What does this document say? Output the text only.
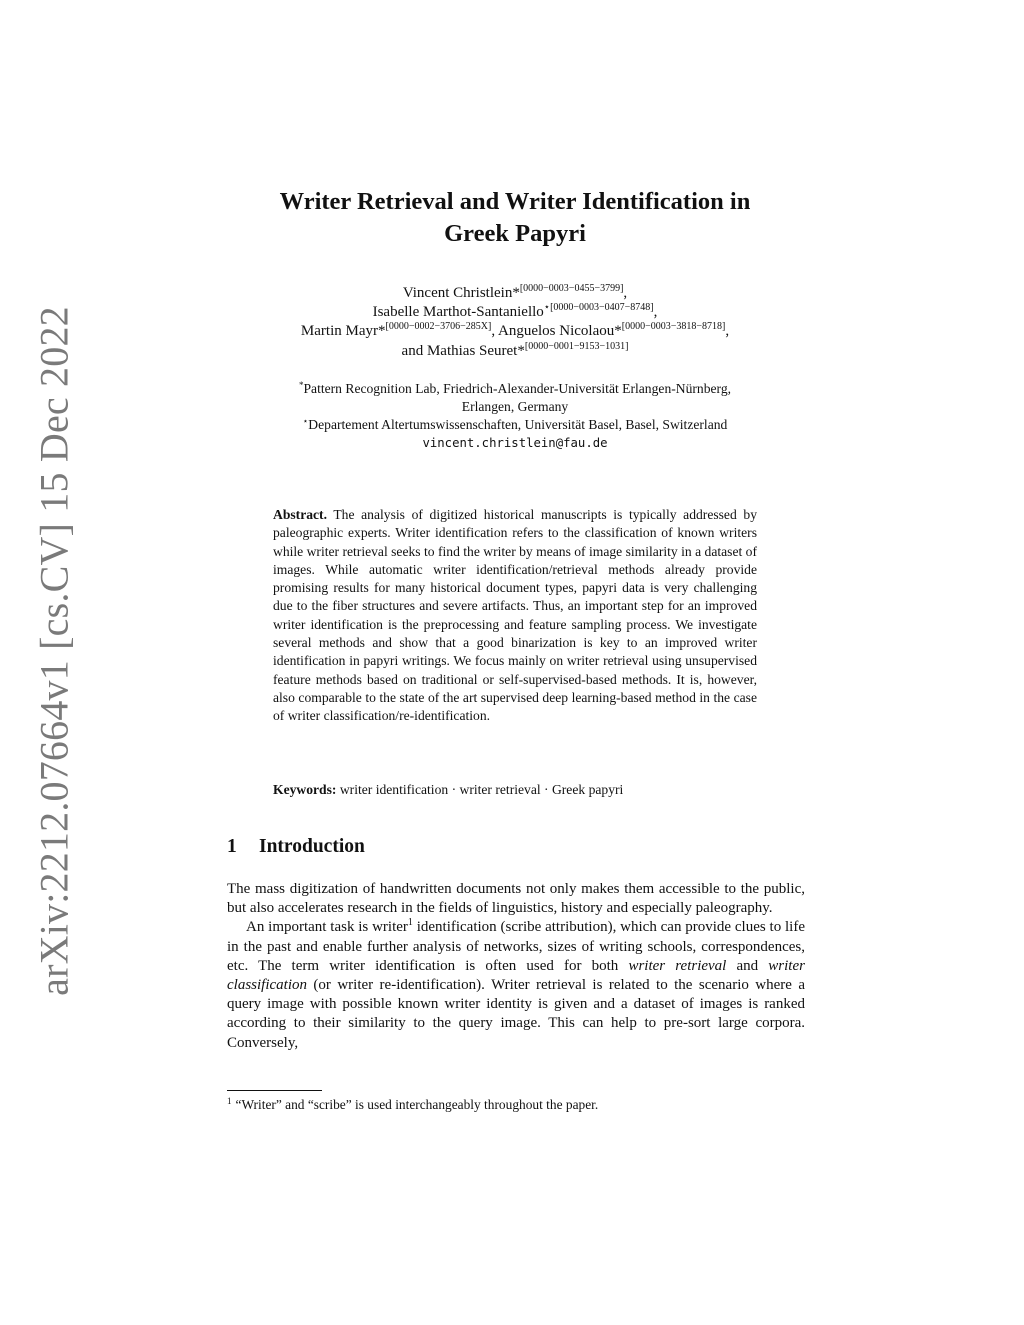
arXiv:2212.07664v1 [cs.CV] 15 Dec 2022
Writer Retrieval and Writer Identification in
Greek Papyri
Vincent Christlein*[0000−0003−0455−3799],
Isabelle Marthot-Santaniello$^{⋆[0000-0003-0407-8748]}$,
Martin Mayr*[0000−0002−3706−285X], Anguelos Nicolaou*[0000−0003−3818−8718],
and Mathias Seuret*[0000−0001−9153−1031]
*Pattern Recognition Lab, Friedrich-Alexander-Universität Erlangen-Nürnberg,
Erlangen, Germany
⋆Departement Altertumswissenschaften, Universität Basel, Basel, Switzerland
vincent.christlein@fau.de
Abstract. The analysis of digitized historical manuscripts is typically addressed by paleographic experts. Writer identification refers to the classification of known writers while writer retrieval seeks to find the writer by means of image similarity in a dataset of images. While automatic writer identification/retrieval methods already provide promising results for many historical document types, papyri data is very challenging due to the fiber structures and severe artifacts. Thus, an important step for an improved writer identification is the preprocessing and feature sampling process. We investigate several methods and show that a good binarization is key to an improved writer identification in papyri writings. We focus mainly on writer retrieval using unsupervised feature methods based on traditional or self-supervised-based methods. It is, however, also comparable to the state of the art supervised deep learning-based method in the case of writer classification/re-identification.
Keywords: writer identification · writer retrieval · Greek papyri
1 Introduction

The mass digitization of handwritten documents not only makes them accessible to the public, but also accelerates research in the fields of linguistics, history and especially paleography.

An important task is writer$^1$ identification (scribe attribution), which can provide clues to life in the past and enable further analysis of networks, sizes of writing schools, correspondences, etc. The term writer identification is often used for both writer retrieval and writer classification (or writer re-identification). Writer retrieval is related to the scenario where a query image with possible known writer identity is given and a dataset of images is ranked according to their similarity to the query image. This can help to pre-sort large corpora. Conversely,

$^1$ “Writer” and “scribe” is used interchangeably throughout the paper.
